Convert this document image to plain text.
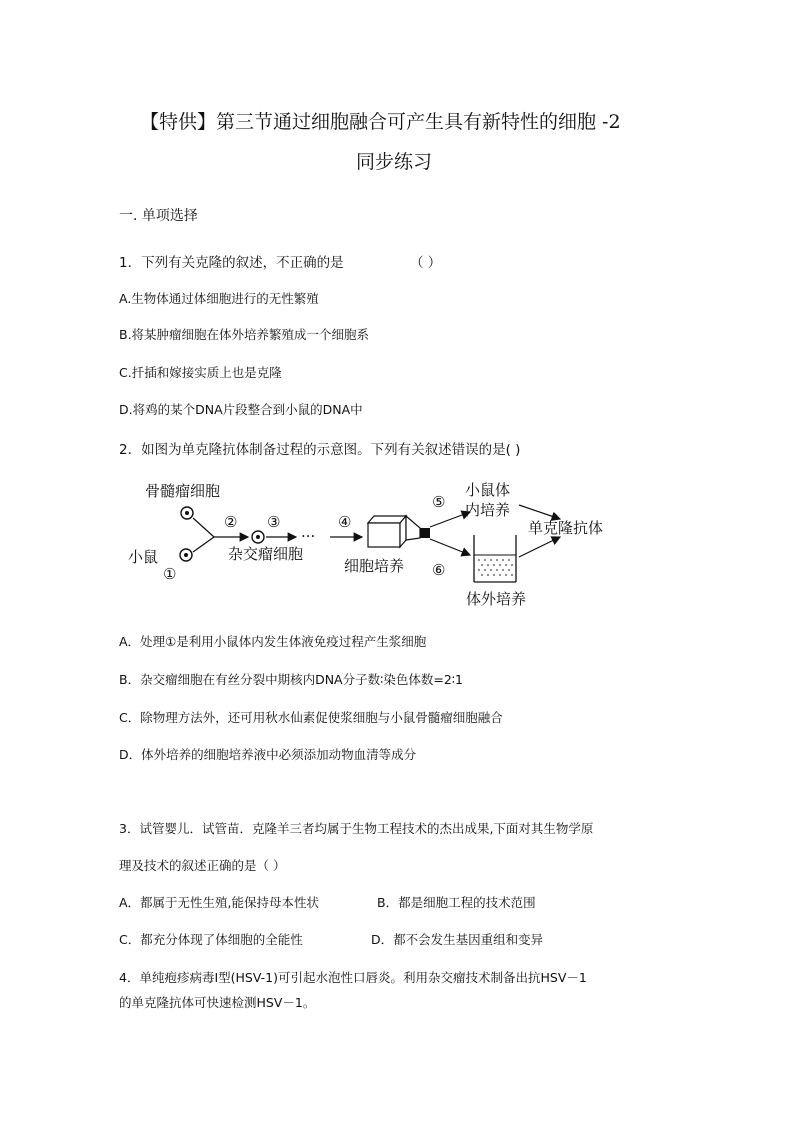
【特供】第三节通过细胞融合可产生具有新特性的细胞 -2
同步练习
一. 单项选择
1．下列有关克隆的叙述，不正确的是	（ ）
A.生物体通过体细胞进行的无性繁殖
B.将某肿瘤细胞在体外培养繁殖成一个细胞系
C.扦插和嫁接实质上也是克隆
D.将鸡的某个DNA片段整合到小鼠的DNA中
2．如图为单克隆抗体制备过程的示意图。下列有关叙述错误的是( )
骨髓瘤细胞
小鼠
①
②
杂交瘤细胞
③
···
④
细胞培养
⑤
小鼠体
内培养
⑥
体外培养
单克隆抗体
A．处理①是利用小鼠体内发生体液免疫过程产生浆细胞
B．杂交瘤细胞在有丝分裂中期核内DNA分子数∶染色体数=2∶1
C．除物理方法外，还可用秋水仙素促使浆细胞与小鼠骨髓瘤细胞融合
D．体外培养的细胞培养液中必须添加动物血清等成分
3．试管婴儿．试管苗．克隆羊三者均属于生物工程技术的杰出成果,下面对其生物学原
理及技术的叙述正确的是（ ）
A．都属于无性生殖,能保持母本性状	B．都是细胞工程的技术范围
C．都充分体现了体细胞的全能性	D．都不会发生基因重组和变异
4．单纯疱疹病毒Ⅰ型(HSV-1)可引起水泡性口唇炎。利用杂交瘤技术制备出抗HSV－1
的单克隆抗体可快速检测HSV－1。
